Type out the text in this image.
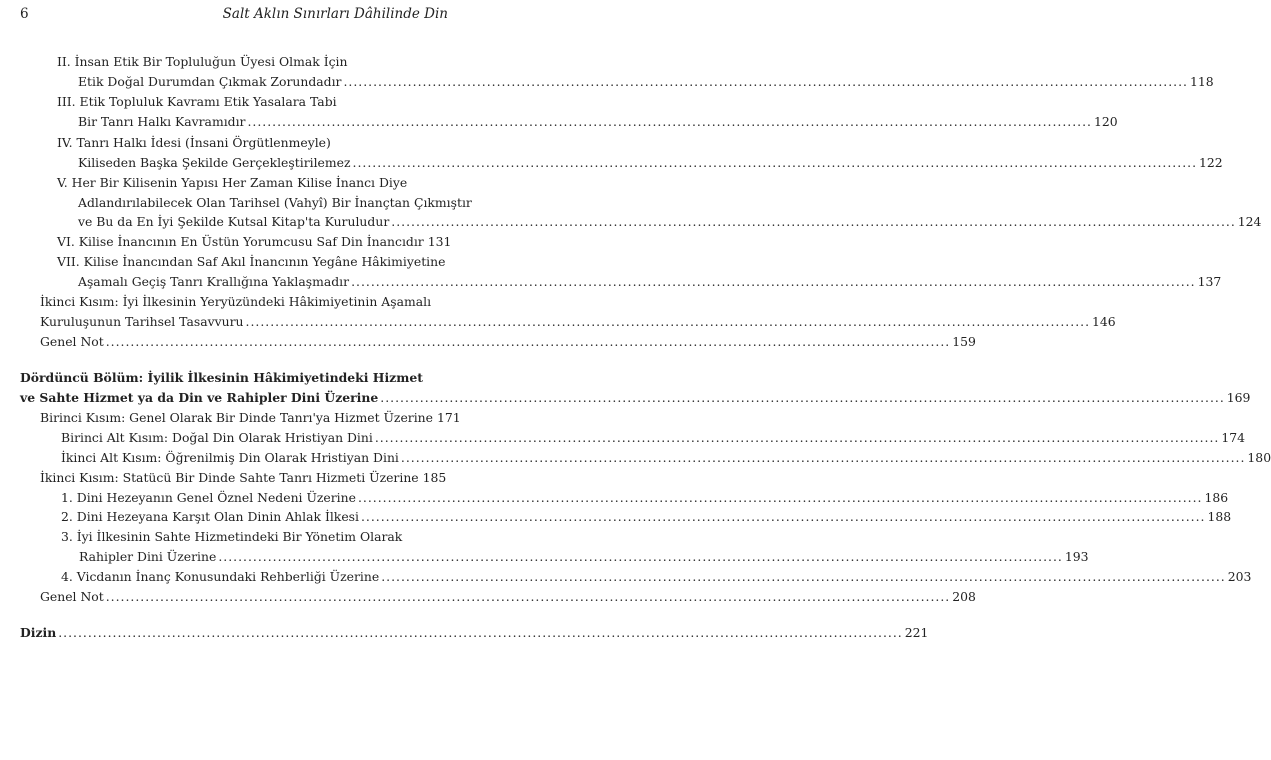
6	Salt Aklın Sınırları Dâhilinde Din
II. İnsan Etik Bir Topluluğun Üyesi Olmak İçin
Etik Doğal Durumdan Çıkmak Zorundadır .....	118
III. Etik Topluluk Kavramı Etik Yasalara Tabi
Bir Tanrı Halkı Kavramıdır .....	120
IV. Tanrı Halkı İdesi (İnsani Örgütlenmeyle)
Kiliseden Başka Şekilde Gerçekleştirilemez .....	122
V. Her Bir Kilisenin Yapısı Her Zaman Kilise İnancı Diye
Adlandırılabilecek Olan Tarihsel (Vahyî) Bir İnançtan Çıkmıştır
ve Bu da En İyi Şekilde Kutsal Kitap'ta Kuruludur .....	124
VI. Kilise İnancının En Üstün Yorumcusu Saf Din İnancıdır 131
VII. Kilise İnancından Saf Akıl İnancının Yegâne Hâkimiyetine
Aşamalı Geçiş Tanrı Krallığına Yaklaşmadır .....	137
İkinci Kısım: İyi İlkesinin Yeryüzündeki Hâkimiyetinin Aşamalı
Kuruluşunun Tarihsel Tasavvuru .....	146
Genel Not .....	159
Dördüncü Bölüm: İyilik İlkesinin Hâkimiyetindeki Hizmet
ve Sahte Hizmet ya da Din ve Rahipler Dini Üzerine .....	169
Birinci Kısım: Genel Olarak Bir Dinde Tanrı'ya Hizmet Üzerine 171
Birinci Alt Kısım: Doğal Din Olarak Hristiyan Dini .....	174
İkinci Alt Kısım: Öğrenilmiş Din Olarak Hristiyan Dini .....	180
İkinci Kısım: Statücü Bir Dinde Sahte Tanrı Hizmeti Üzerine 185
1. Dini Hezeyanın Genel Öznel Nedeni Üzerine .....	186
2. Dini Hezeyana Karşıt Olan Dinin Ahlak İlkesi .....	188
3. İyi İlkesinin Sahte Hizmetindeki Bir Yönetim Olarak
Rahipler Dini Üzerine .....	193
4. Vicdanın İnanç Konusundaki Rehberliği Üzerine .....	203
Genel Not .....	208
Dizin .....	221
